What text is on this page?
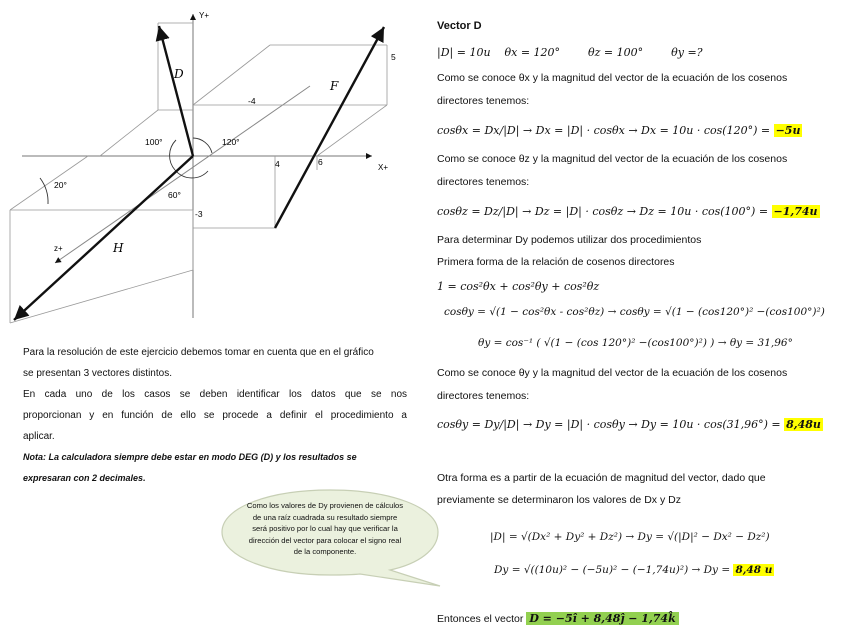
Y+
X+
z+
D
F
H
100°	120°
20°
60°
5
-4
4	6
-3
Para la resolución de este ejercicio debemos tomar en cuenta que en el gráfico
se presentan 3 vectores distintos.
En cada uno de los casos se deben identificar los datos que se nos
proporcionan y en función de ello se procede a definir el procedimiento a
aplicar.
Nota: La calculadora siempre debe estar en modo DEG (D) y los resultados se
expresaran con 2 decimales.
Como los valores de Dy provienen de cálculos
de una raíz cuadrada su resultado siempre
será positivo por lo cual hay que verificar la
dirección del vector para colocar el signo real
de la componente.
Vector D
|D| = 10u    θx = 120°        θz = 100°        θy =?
Como se conoce θx y la magnitud del vector de la ecuación de los cosenos
directores tenemos:
cosθx = Dx/|D| → Dx = |D| · cosθx → Dx = 10u · cos(120°) = −5u
Como se conoce θz y la magnitud del vector de la ecuación de los cosenos
directores tenemos:
cosθz = Dz/|D| → Dz = |D| · cosθz → Dz = 10u · cos(100°) = −1,74u
Para determinar Dy podemos utilizar dos procedimientos
Primera forma de la relación de cosenos directores
1 = cos²θx + cos²θy + cos²θz
cosθy = √(1 − cos²θx - cos²θz) → cosθy = √(1 − (cos120°)² −(cos100°)²)
θy = cos⁻¹ ( √(1 − (cos 120°)² −(cos100°)²) ) → θy = 31,96°
Como se conoce θy y la magnitud del vector de la ecuación de los cosenos
directores tenemos:
cosθy = Dy/|D| → Dy = |D| · cosθy → Dy = 10u · cos(31,96°) = 8,48u
Otra forma es a partir de la ecuación de magnitud del vector, dado que
previamente se determinaron los valores de Dx y Dz
|D| = √(Dx² + Dy² + Dz²) → Dy = √(|D|² − Dx² − Dz²)
Dy = √((10u)² − (−5u)² − (−1,74u)²) → Dy = 8,48 u
Entonces el vector D = −5î + 8,48ĵ − 1,74k̂
